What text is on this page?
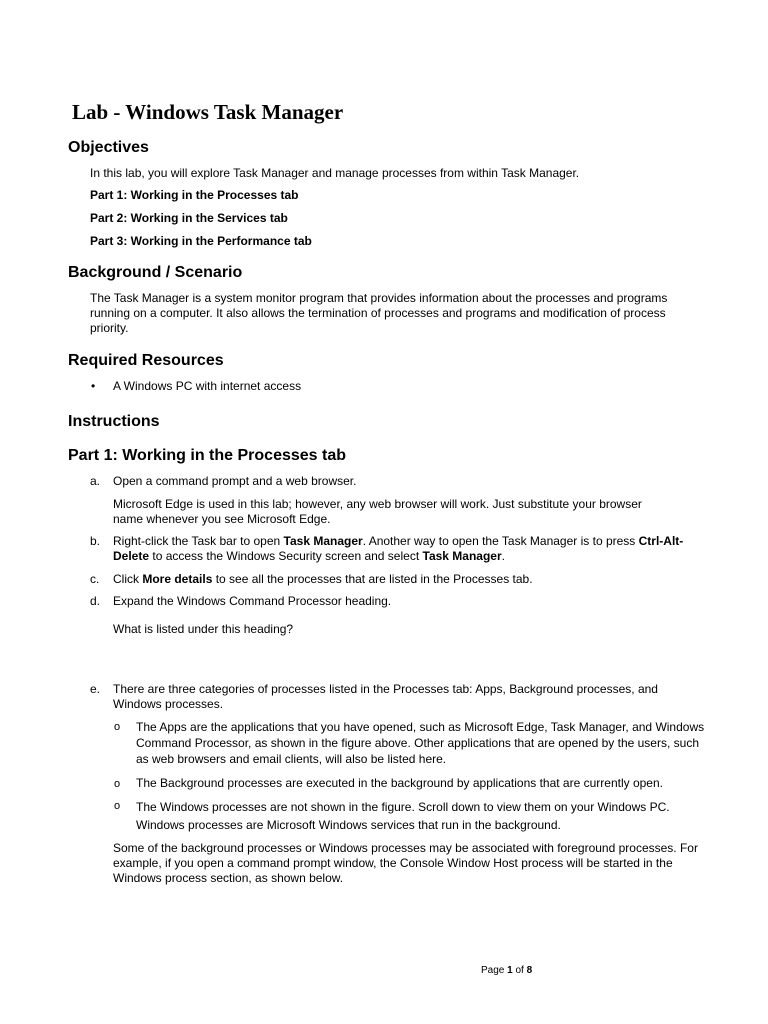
Lab - Windows Task Manager
Objectives

In this lab, you will explore Task Manager and manage processes from within Task Manager.

Part 1: Working in the Processes tab

Part 2: Working in the Services tab

Part 3: Working in the Performance tab

Background / Scenario

The Task Manager is a system monitor program that provides information about the processes and programs running on a computer. It also allows the termination of processes and programs and modification of process priority.

Required Resources
• A Windows PC with internet access

Instructions
Part 1: Working in the Processes tab
a. Open a command prompt and a web browser.

Microsoft Edge is used in this lab; however, any web browser will work. Just substitute your browser name whenever you see Microsoft Edge.

b. Right-click the Task bar to open Task Manager. Another way to open the Task Manager is to press Ctrl-Alt-Delete to access the Windows Security screen and select Task Manager.

c. Click More details to see all the processes that are listed in the Processes tab.

d. Expand the Windows Command Processor heading.

What is listed under this heading?

e. There are three categories of processes listed in the Processes tab: Apps, Background processes, and Windows processes.

o The Apps are the applications that you have opened, such as Microsoft Edge, Task Manager, and Windows Command Processor, as shown in the figure above. Other applications that are opened by the users, such as web browsers and email clients, will also be listed here.

o The Background processes are executed in the background by applications that are currently open.

o The Windows processes are not shown in the figure. Scroll down to view them on your Windows PC. Windows processes are Microsoft Windows services that run in the background.

Some of the background processes or Windows processes may be associated with foreground processes. For example, if you open a command prompt window, the Console Window Host process will be started in the Windows process section, as shown below.

Page 1 of 8
